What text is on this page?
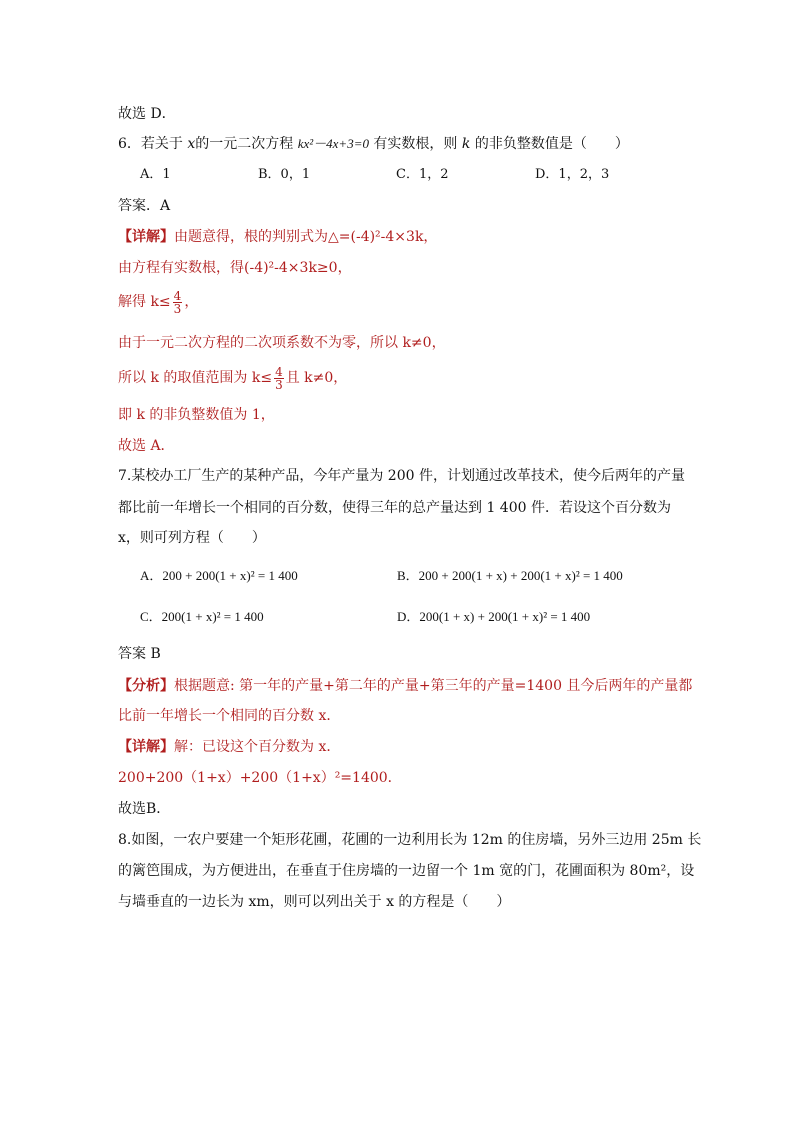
故选 D．
6．若关于 x的一元二次方程 kx²－4x+3=0 有实数根，则 k 的非负整数值是（　　）
A．1	B．0，1	C．1，2	D．1，2，3
答案．A
【详解】由题意得，根的判别式为△=(-4)²-4×3k，
由方程有实数根，得(-4)²-4×3k≥0，
解得 $k\le \frac{4}{3}$ ，
由于一元二次方程的二次项系数不为零，所以 k≠0，
所以 k 的取值范围为 $k\le \frac{4}{3}$ 且 k≠0，
即 k 的非负整数值为 1，
故选 A．
7.某校办工厂生产的某种产品，今年产量为 200 件，计划通过改革技术，使今后两年的产量
都比前一年增长一个相同的百分数，使得三年的总产量达到 1 400 件．若设这个百分数为
x，则可列方程（　　）
A．200 + 200(1 + x)² = 1 400	B．200 + 200(1 + x) + 200(1 + x)² = 1 400
C．200(1 + x)² = 1 400	D．200(1 + x) + 200(1 + x)² = 1 400
答案 B
【分析】根据题意: 第一年的产量+第二年的产量+第三年的产量=1400 且今后两年的产量都
比前一年增长一个相同的百分数 x．
【详解】解：已设这个百分数为 x．
200+200（1+x）+200（1+x）²=1400．
故选B．
8.如图，一农户要建一个矩形花圃，花圃的一边利用长为 12m 的住房墙，另外三边用 25m 长
的篱笆围成，为方便进出，在垂直于住房墙的一边留一个 1m 宽的门，花圃面积为 80m²，设
与墙垂直的一边长为 xm，则可以列出关于 x 的方程是（　　）
